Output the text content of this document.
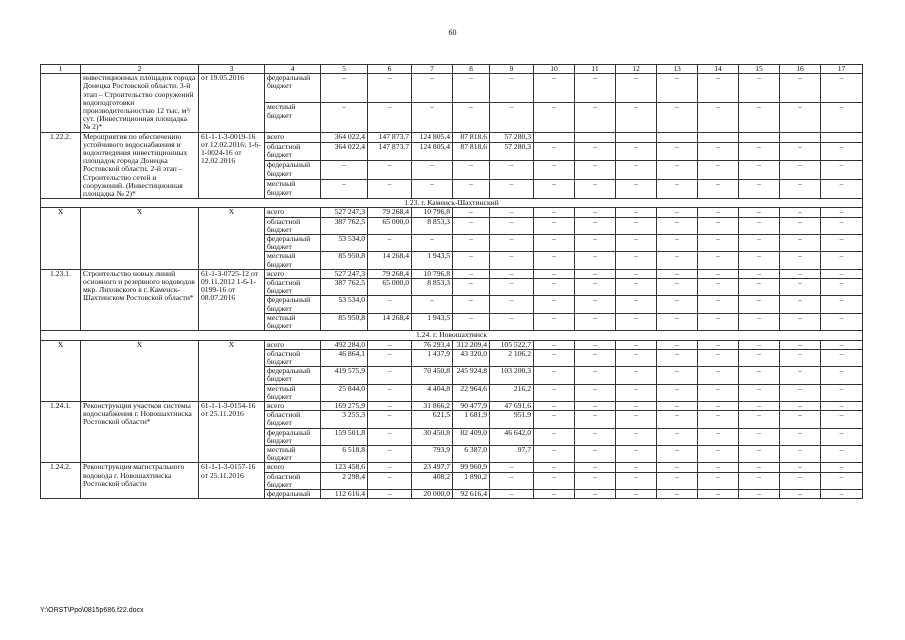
60
1	2	3	4	5	6	7	8	9	10	11	12	13	14	15	16	17
	инвестиционных площадок города Донецка Ростовской области. 3-й этап – Строительство сооружений водоподготовки производительностью 12 тыс. м³/сут. (Инвестиционная площадка № 2)*	от 19.05.2016	федеральный бюджет	–	–	–	–	–	–	–	–	–	–	–	–	–
			местный бюджет	–	–	–	–	–	–	–	–	–	–	–	–	–
1.22.2.	Мероприятия по обеспечению устойчивого водоснабжения и водоотведения инвестиционных площадок города Донецка Ростовской области. 2-й этап – Строительство сетей и сооружений. (Инвестиционная площадка № 2)*	61-1-1-3-0019-16 от 12.02.2016; 1-6-1-0024-16 от 12.02.2016	всего	364 022,4	147 873,7	124 805,4	87 818,6	57 280,3								
			областной бюджет	364 022,4	147 873,7	124 805,4	87 818,6	57 280,3	–	–	–	–	–	–	–	–
			федеральный бюджет	–	–	–	–	–	–	–	–	–	–	–	–	–
			местный бюджет	–	–	–	–	–	–	–	–	–	–	–	–	–
1.23. г. Каменск-Шахтинский																
Х	Х	Х	всего	527 247,3	79 268,4	10 796,8	–	–	–	–	–	–	–	–	–	–
			областной бюджет	387 762,5	65 000,0	8 853,3	–	–	–	–	–	–	–	–	–	–
			федеральный бюджет	53 534,0	–	–	–	–	–	–	–	–	–	–	–	–
			местный бюджет	85 950,8	14 268,4	1 943,5	–	–	–	–	–	–	–	–	–	–
1.23.1.	Строительство новых линий основного и резервного водоводов мкр. Лиховского в г. Каменск-Шахтинском Ростовской области*	61-1-3-0725-12 от 09.11.2012 1-6-1-0199-16 от 08.07.2016	всего	527 247,3	79 268,4	10 796,8	–	–	–	–	–	–	–	–	–	–
			областной бюджет	387 762,5	65 000,0	8 853,3	–	–	–	–	–	–	–	–	–	–
			федеральный бюджет	53 534,0	–	–	–	–	–	–	–	–	–	–	–	–
			местный бюджет	85 950,8	14 268,4	1 943,5	–	–	–	–	–	–	–	–	–	–
1.24. г. Новошахтинск																
Х	Х	Х	всего	492 284,0	–	76 293,4	312 209,4	105 522,7	–	–	–	–	–	–	–	–
			областной бюджет	46 864,1	–	1 437,9	43 320,0	2 106,2	–	–	–	–	–	–	–	–
			федеральный бюджет	419 575,9	–	70 450,8	245 924,8	103 200,3	–	–	–	–	–	–	–	–
			местный бюджет	25 844,0	–	4 404,8	22 964,6	216,2	–	–	–	–	–	–	–	–
1.24.1.	Реконструкция участков системы водоснабжения г. Новошахтинска Ростовской области*	61-1-1-3-0154-16 от 25.11.2016	всего	169 275,9	–	31 866,2	90 477,9	47 691,6	–	–	–	–	–	–	–	–
			областной бюджет	3 255,3	–	621,5	1 681,9	951,9	–	–	–	–	–	–	–	–
			федеральный бюджет	159 501,8	–	30 450,8	82 409,0	46 642,0	–	–	–	–	–	–	–	–
			местный бюджет	6 518,8	–	793,9	6 387,0	97,7	–	–	–	–	–	–	–	–
1.24.2.	Реконструкция магистрального водовода г. Новошахтинска Ростовской области	61-1-1-3-0157-16 от 25.11.2016	всего	123 458,6	–	23 497,7	99 960,9	–	–	–	–	–	–	–	–	–
			областной бюджет	2 298,4	–	408,2	1 890,2	–	–	–	–	–	–	–	–	–
			федеральный	112 616,4	–	20 000,0	92 616,4	–	–	–	–	–	–	–	–	–
Y:\ORST\Ppo\0815p686.f22.docx
